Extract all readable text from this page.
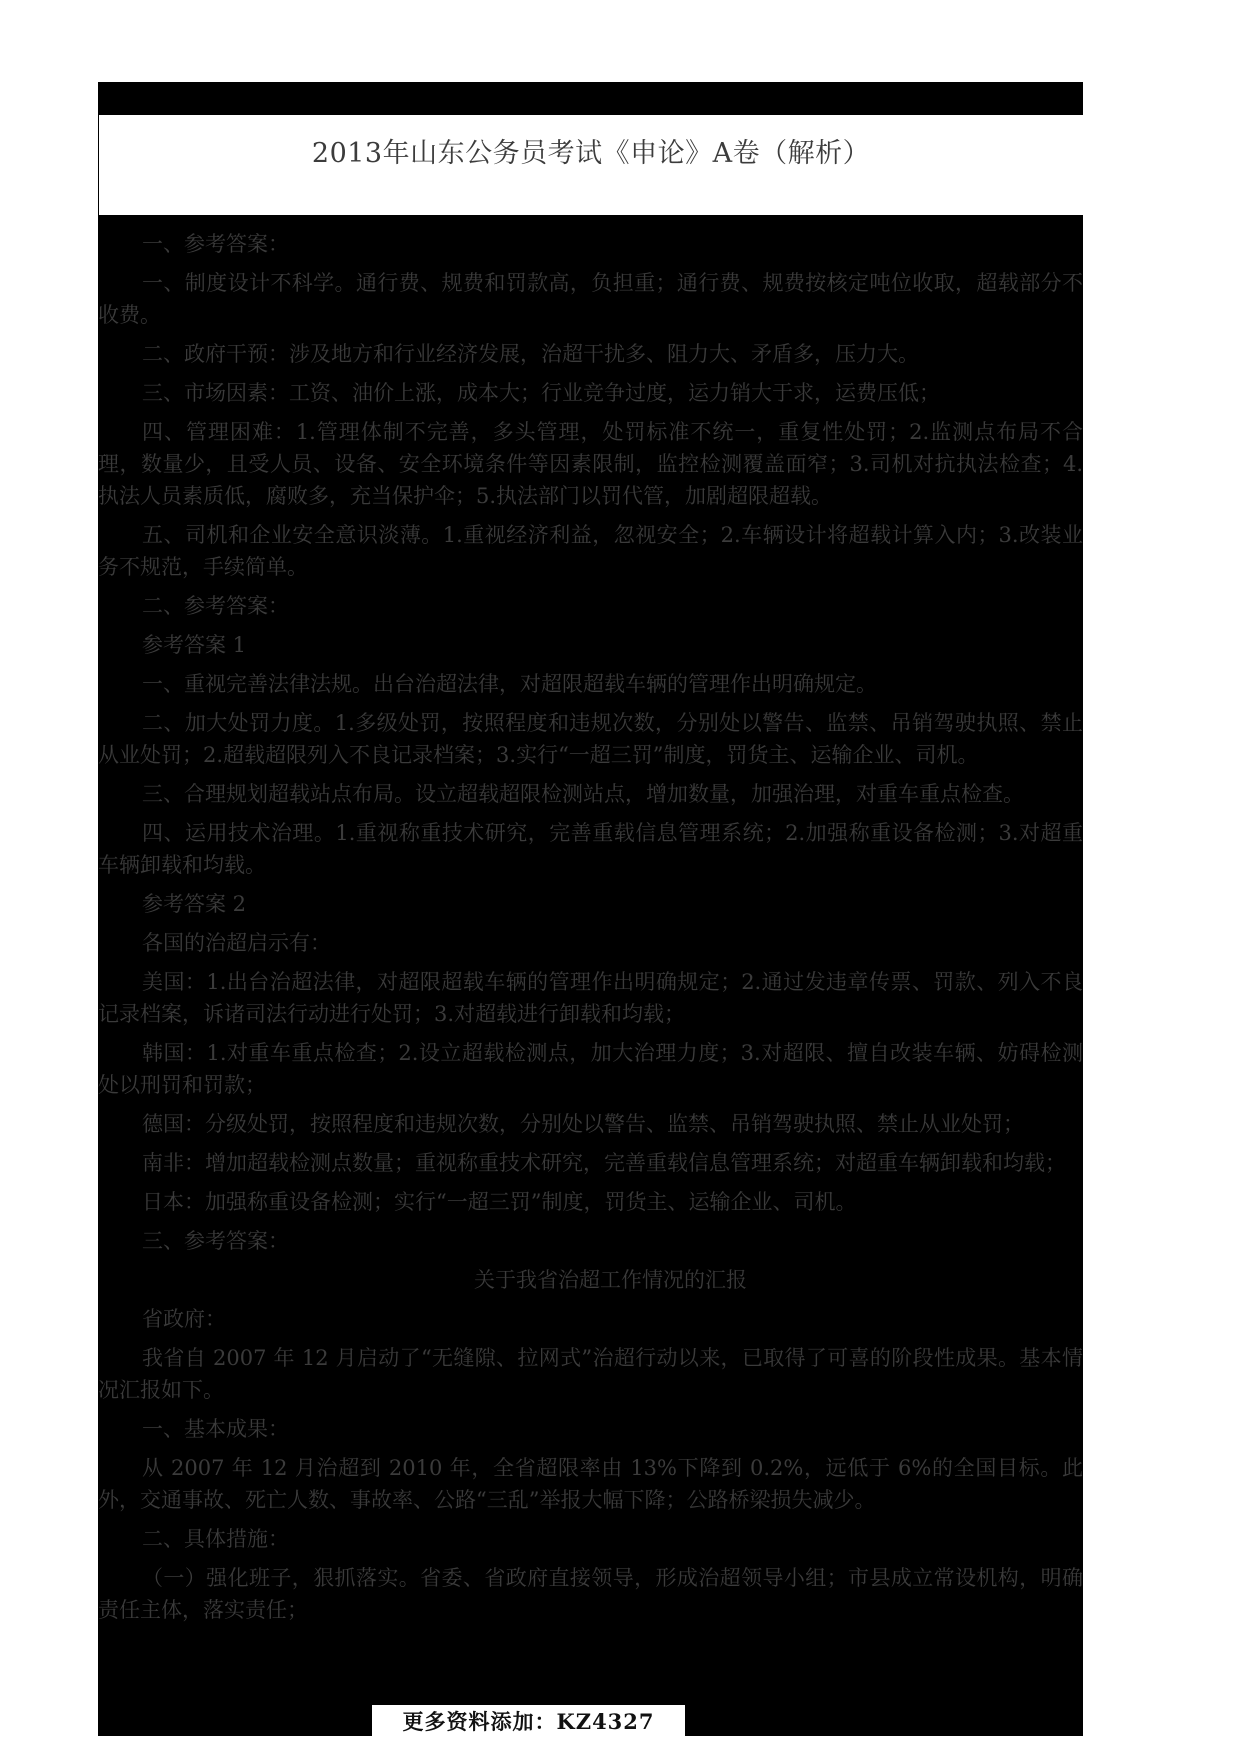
2013年山东公务员考试《申论》A卷（解析）

一、参考答案：

一、制度设计不科学。通行费、规费和罚款高，负担重；通行费、规费按核定吨位收取，超载部分不收费。

二、政府干预：涉及地方和行业经济发展，治超干扰多、阻力大、矛盾多，压力大。

三、市场因素：工资、油价上涨，成本大；行业竞争过度，运力销大于求，运费压低；

四、管理困难：1.管理体制不完善，多头管理，处罚标准不统一，重复性处罚；2.监测点布局不合理，数量少，且受人员、设备、安全环境条件等因素限制，监控检测覆盖面窄；3.司机对抗执法检查；4.执法人员素质低，腐败多，充当保护伞；5.执法部门以罚代管，加剧超限超载。

五、司机和企业安全意识淡薄。1.重视经济利益，忽视安全；2.车辆设计将超载计算入内；3.改装业务不规范，手续简单。

二、参考答案：

参考答案 1

一、重视完善法律法规。出台治超法律，对超限超载车辆的管理作出明确规定。

二、加大处罚力度。1.多级处罚，按照程度和违规次数，分别处以警告、监禁、吊销驾驶执照、禁止从业处罚；2.超载超限列入不良记录档案；3.实行“一超三罚”制度，罚货主、运输企业、司机。

三、合理规划超载站点布局。设立超载超限检测站点，增加数量，加强治理，对重车重点检查。

四、运用技术治理。1.重视称重技术研究，完善重载信息管理系统；2.加强称重设备检测；3.对超重车辆卸载和均载。

参考答案 2

各国的治超启示有：

美国：1.出台治超法律，对超限超载车辆的管理作出明确规定；2.通过发违章传票、罚款、列入不良记录档案，诉诸司法行动进行处罚；3.对超载进行卸载和均载；

韩国：1.对重车重点检查；2.设立超载检测点，加大治理力度；3.对超限、擅自改装车辆、妨碍检测处以刑罚和罚款；

德国：分级处罚，按照程度和违规次数，分别处以警告、监禁、吊销驾驶执照、禁止从业处罚；

南非：增加超载检测点数量；重视称重技术研究，完善重载信息管理系统；对超重车辆卸载和均载；

日本：加强称重设备检测；实行“一超三罚”制度，罚货主、运输企业、司机。

三、参考答案：

关于我省治超工作情况的汇报

省政府：

我省自 2007 年 12 月启动了“无缝隙、拉网式”治超行动以来，已取得了可喜的阶段性成果。基本情况汇报如下。

一、基本成果：

从 2007 年 12 月治超到 2010 年，全省超限率由 13%下降到 0.2%，远低于 6%的全国目标。此外，交通事故、死亡人数、事故率、公路“三乱”举报大幅下降；公路桥梁损失减少。

二、具体措施：

（一）强化班子，狠抓落实。省委、省政府直接领导，形成治超领导小组；市县成立常设机构，明确责任主体，落实责任；

更多资料添加：KZ4327
